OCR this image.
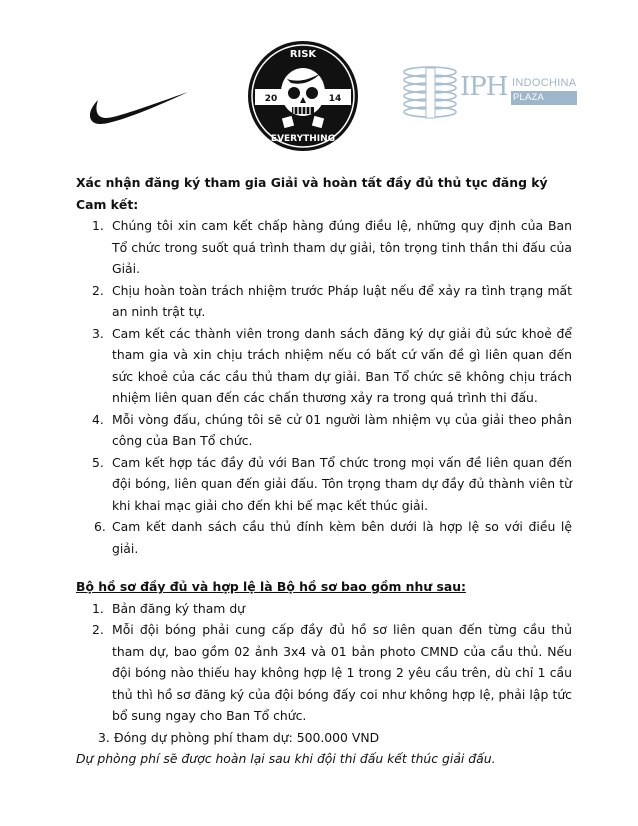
RISK
20	14
EVERYTHING
IPH INDOCHINA
PLAZA HANOI
Xác nhận đăng ký tham gia Giải và hoàn tất đầy đủ thủ tục đăng ký
Cam kết:
1. Chúng tôi xin cam kết chấp hàng đúng điều lệ, những quy định của Ban Tổ chức trong suốt quá trình tham dự giải, tôn trọng tinh thần thi đấu của Giải.
2. Chịu hoàn toàn trách nhiệm trước Pháp luật nếu để xảy ra tình trạng mất an ninh trật tự.
3. Cam kết các thành viên trong danh sách đăng ký dự giải đủ sức khoẻ để tham gia và xin chịu trách nhiệm nếu có bất cứ vấn đề gì liên quan đến sức khoẻ của các cầu thủ tham dự giải. Ban Tổ chức sẽ không chịu trách nhiệm liên quan đến các chấn thương xảy ra trong quá trình thi đấu.
4. Mỗi vòng đấu, chúng tôi sẽ cử 01 người làm nhiệm vụ của giải theo phân công của Ban Tổ chức.
5. Cam kết hợp tác đầy đủ với Ban Tổ chức trong mọi vấn đề liên quan đến đội bóng, liên quan đến giải đấu. Tôn trọng tham dự đầy đủ thành viên từ khi khai mạc giải cho đến khi bế mạc kết thúc giải.
6. Cam kết danh sách cầu thủ đính kèm bên dưới là hợp lệ so với điều lệ giải.
Bộ hồ sơ đầy đủ và hợp lệ là Bộ hồ sơ bao gồm như sau:
1. Bản đăng ký tham dự
2. Mỗi đội bóng phải cung cấp đầy đủ hồ sơ liên quan đến từng cầu thủ tham dự, bao gồm 02 ảnh 3x4 và 01 bản photo CMND của cầu thủ. Nếu đội bóng nào thiếu hay không hợp lệ 1 trong 2 yêu cầu trên, dù chỉ 1 cầu thủ thì hồ sơ đăng ký của đội bóng đấy coi như không hợp lệ, phải lập tức bổ sung ngay cho Ban Tổ chức.
3. Đóng dự phòng phí tham dự: 500.000 VND
Dự phòng phí sẽ được hoàn lại sau khi đội thi đấu kết thúc giải đấu.
